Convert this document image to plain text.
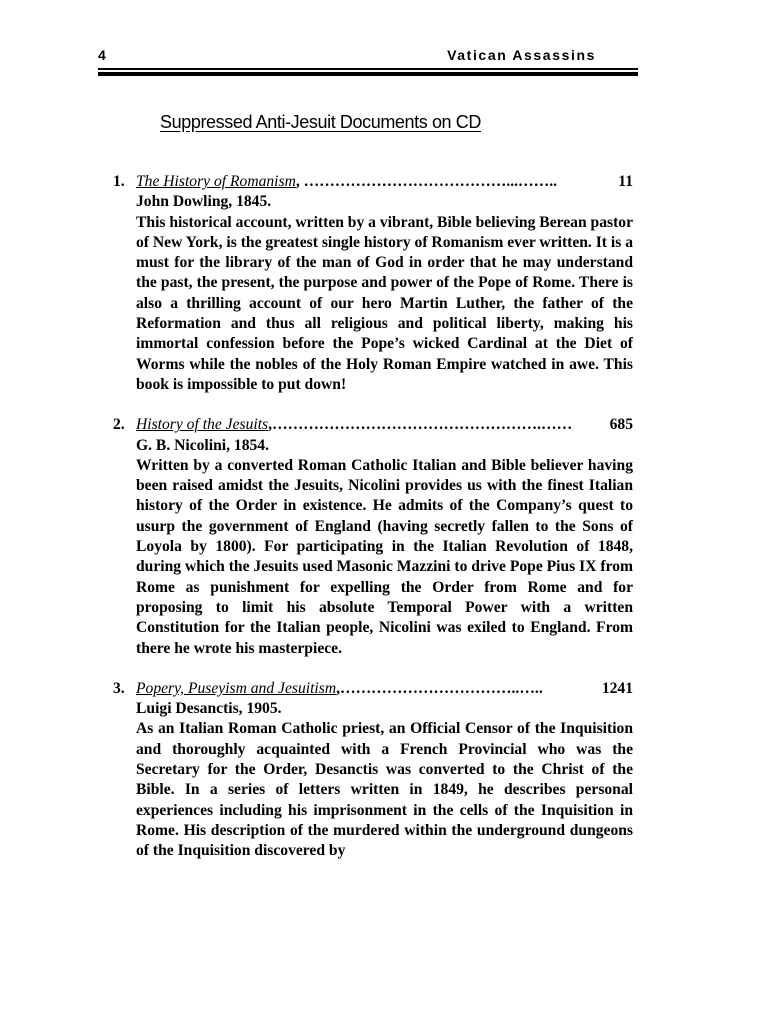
4	Vatican Assassins
Suppressed Anti-Jesuit Documents on CD
1. The History of Romanism , …………………………………...……..	11
John Dowling, 1845.
This historical account, written by a vibrant, Bible believing Berean pastor of New York, is the greatest single history of Romanism ever written. It is a must for the library of the man of God in order that he may understand the past, the present, the purpose and power of the Pope of Rome. There is also a thrilling account of our hero Martin Luther, the father of the Reformation and thus all religious and political liberty, making his immortal confession before the Pope’s wicked Cardinal at the Diet of Worms while the nobles of the Holy Roman Empire watched in awe. This book is impossible to put down!
2. History of the Jesuits ,…………………………………………….……	685
G. B. Nicolini, 1854.
Written by a converted Roman Catholic Italian and Bible believer having been raised amidst the Jesuits, Nicolini provides us with the finest Italian history of the Order in existence. He admits of the Company’s quest to usurp the government of England (having secretly fallen to the Sons of Loyola by 1800). For participating in the Italian Revolution of 1848, during which the Jesuits used Masonic Mazzini to drive Pope Pius IX from Rome as punishment for expelling the Order from Rome and for proposing to limit his absolute Temporal Power with a written Constitution for the Italian people, Nicolini was exiled to England. From there he wrote his masterpiece.
3. Popery, Puseyism and Jesuitism ,……………………………..…..	1241
Luigi Desanctis, 1905.
As an Italian Roman Catholic priest, an Official Censor of the Inquisition and thoroughly acquainted with a French Provincial who was the Secretary for the Order, Desanctis was converted to the Christ of the Bible. In a series of letters written in 1849, he describes personal experiences including his imprisonment in the cells of the Inquisition in Rome. His description of the murdered within the underground dungeons of the Inquisition discovered by
